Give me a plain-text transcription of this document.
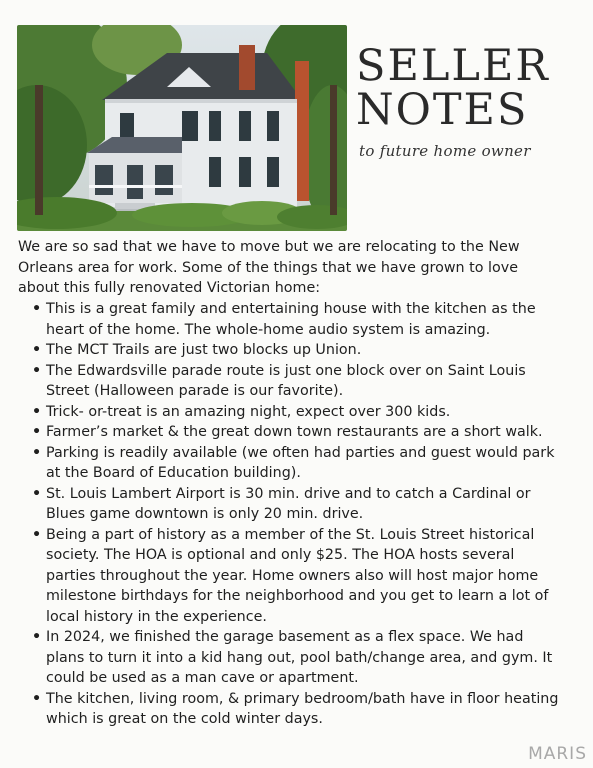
SELLER
NOTES
to future home owner
We are so sad that we have to move but we are relocating to the New Orleans area for work. Some of the things that we have grown to love about this fully renovated Victorian home:
• This is a great family and entertaining house with the kitchen as the heart of the home. The whole-home audio system is amazing.
• The MCT Trails are just two blocks up Union.
• The Edwardsville parade route is just one block over on Saint Louis Street (Halloween parade is our favorite).
• Trick- or-treat is an amazing night, expect over 300 kids.
• Farmer’s market & the great down town restaurants are a short walk.
• Parking is readily available (we often had parties and guest would park at the Board of Education building).
• St. Louis Lambert Airport is 30 min. drive and to catch a Cardinal or Blues game downtown is only 20 min. drive.
• Being a part of history as a member of the St. Louis Street historical society. The HOA is optional and only $25. The HOA hosts several parties throughout the year. Home owners also will host major home milestone birthdays for the neighborhood and you get to learn a lot of local history in the experience.
• In 2024, we finished the garage basement as a flex space. We had plans to turn it into a kid hang out, pool bath/change area, and gym. It could be used as a man cave or apartment.
• The kitchen, living room, & primary bedroom/bath have in floor heating which is great on the cold winter days.
MARIS
